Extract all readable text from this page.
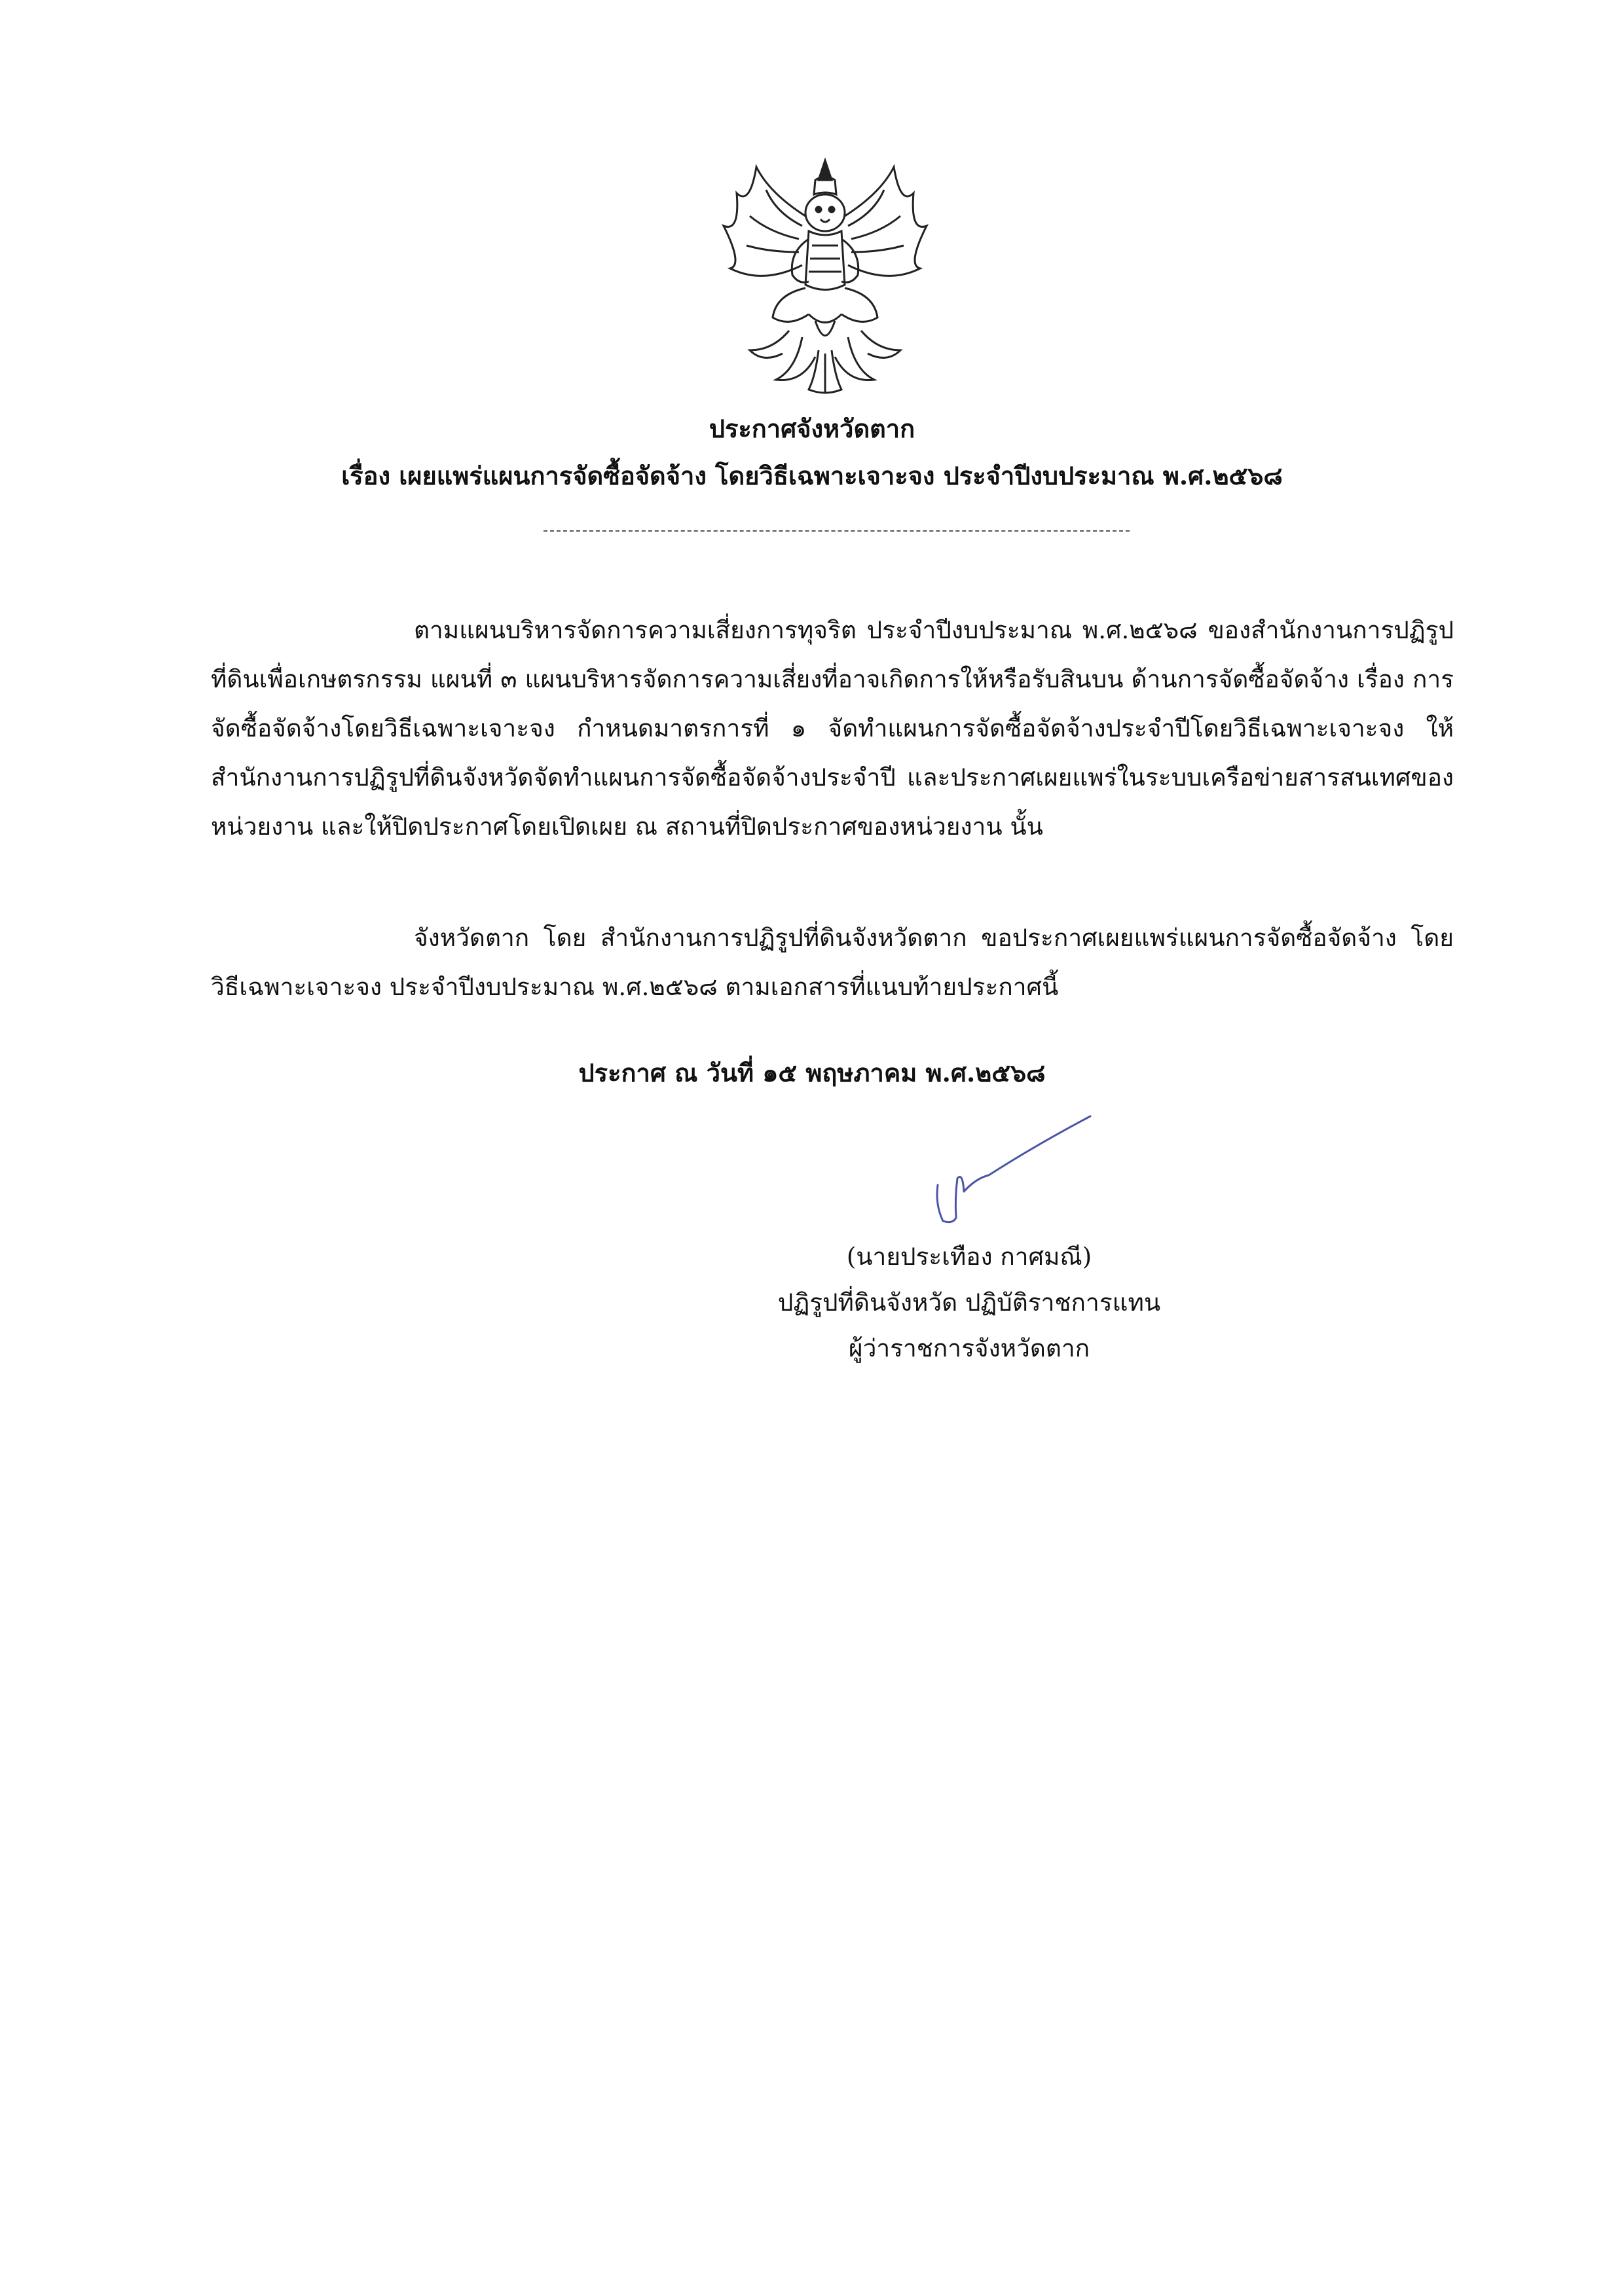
ประกาศจังหวัดตาก
เรื่อง เผยแพร่แผนการจัดซื้อจัดจ้าง โดยวิธีเฉพาะเจาะจง ประจำปีงบประมาณ พ.ศ.๒๕๖๘

ตามแผนบริหารจัดการความเสี่ยงการทุจริต ประจำปีงบประมาณ พ.ศ.๒๕๖๘ ของสำนักงานการปฏิรูปที่ดินเพื่อเกษตรกรรม แผนที่ ๓ แผนบริหารจัดการความเสี่ยงที่อาจเกิดการให้หรือรับสินบน ด้านการจัดซื้อจัดจ้าง เรื่อง การจัดซื้อจัดจ้างโดยวิธีเฉพาะเจาะจง กำหนดมาตรการที่ ๑ จัดทำแผนการจัดซื้อจัดจ้างประจำปีโดยวิธีเฉพาะเจาะจง ให้สำนักงานการปฏิรูปที่ดินจังหวัดจัดทำแผนการจัดซื้อจัดจ้างประจำปี และประกาศเผยแพร่ในระบบเครือข่ายสารสนเทศของหน่วยงาน และให้ปิดประกาศโดยเปิดเผย ณ สถานที่ปิดประกาศของหน่วยงาน นั้น

จังหวัดตาก โดย สำนักงานการปฏิรูปที่ดินจังหวัดตาก ขอประกาศเผยแพร่แผนการจัดซื้อจัดจ้าง โดยวิธีเฉพาะเจาะจง ประจำปีงบประมาณ พ.ศ.๒๕๖๘ ตามเอกสารที่แนบท้ายประกาศนี้

ประกาศ ณ วันที่ ๑๕ พฤษภาคม พ.ศ.๒๕๖๘
(นายประเทือง กาศมณี)
ปฏิรูปที่ดินจังหวัด ปฏิบัติราชการแทน
ผู้ว่าราชการจังหวัดตาก
